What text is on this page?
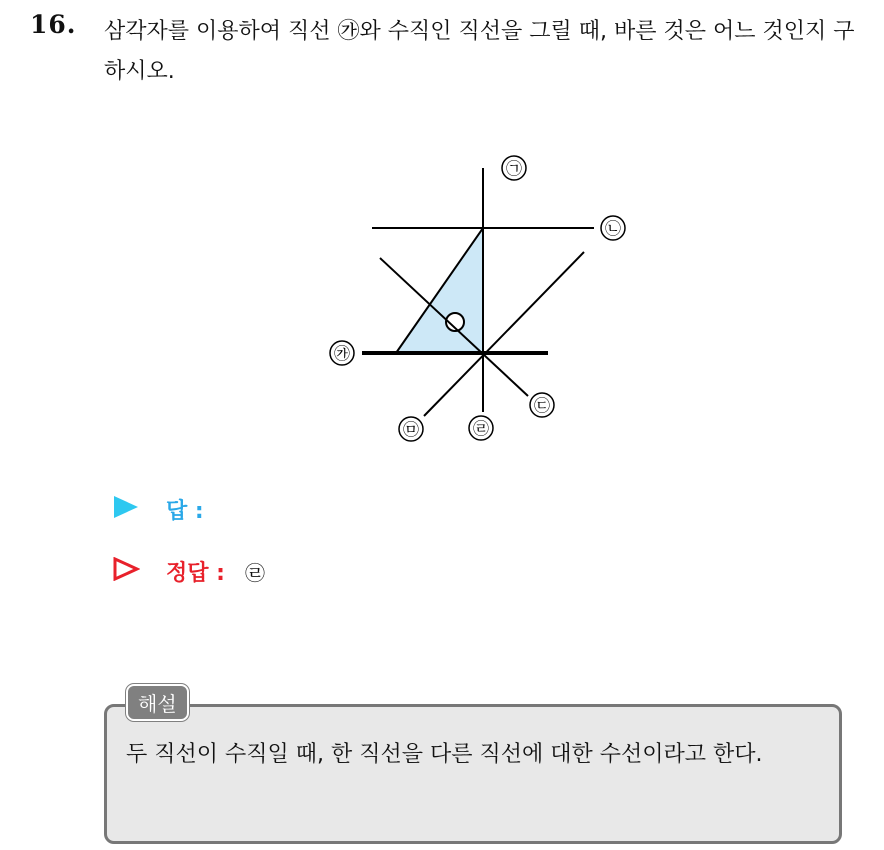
16. 삼각자를 이용하여 직선 ㉮와 수직인 직선을 그릴 때, 바른 것은 어느 것인지 구하시오.
㉮
㉠
㉡
㉢
㉣
㉤
답 :
정답 : ㉣
해설
두 직선이 수직일 때, 한 직선을 다른 직선에 대한 수선이라고 한다.
